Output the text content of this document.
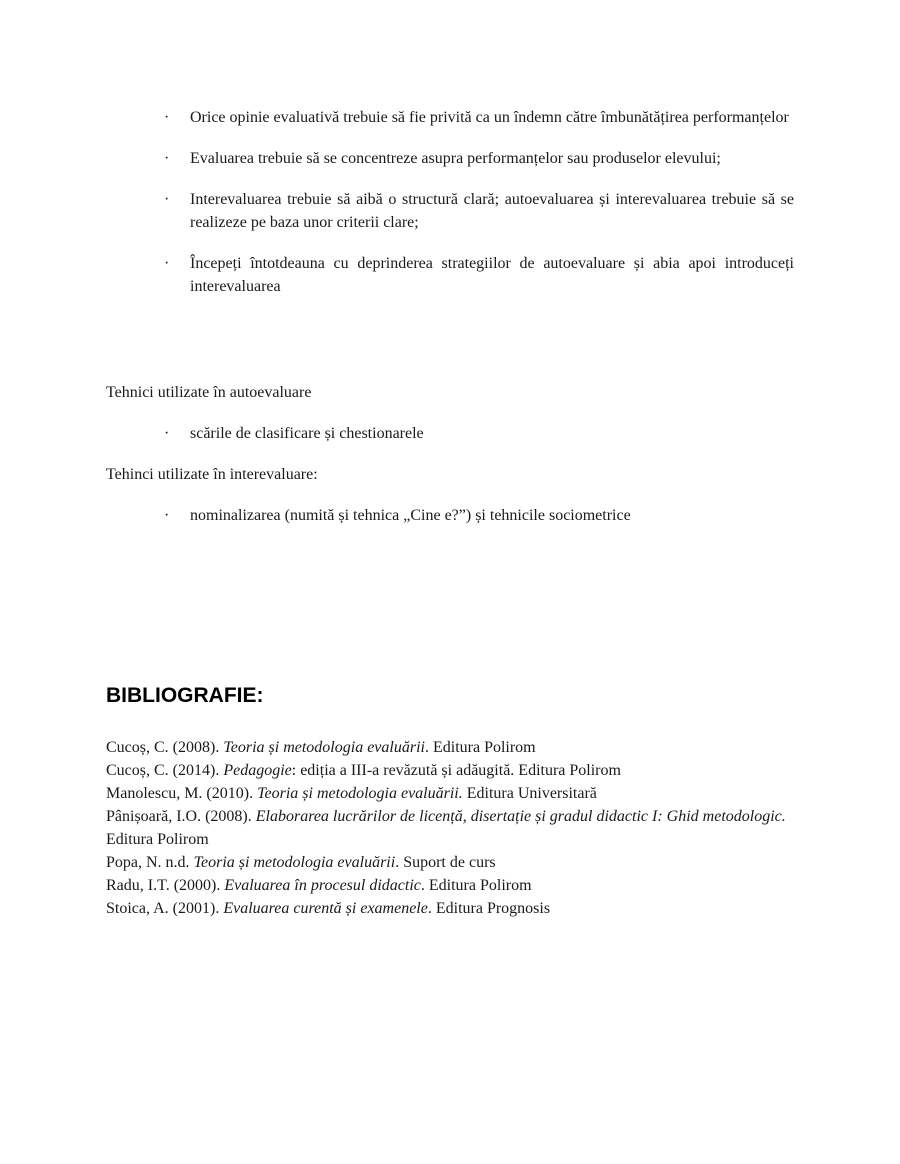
· Orice opinie evaluativă trebuie să fie privită ca un îndemn către îmbunătățirea performanțelor
· Evaluarea trebuie să se concentreze asupra performanțelor sau produselor elevului;
· Interevaluarea trebuie să aibă o structură clară; autoevaluarea și interevaluarea trebuie să se realizeze pe baza unor criterii clare;
· Începeți întotdeauna cu deprinderea strategiilor de autoevaluare și abia apoi introduceți interevaluarea

Tehnici utilizate în autoevaluare

· scările de clasificare și chestionarele

Tehinci utilizate în interevaluare:

· nominalizarea (numită și tehnica „Cine e?”) și tehnicile sociometrice
BIBLIOGRAFIE:
Cucoș, C. (2008). Teoria și metodologia evaluării. Editura Polirom
Cucoș, C. (2014). Pedagogie: ediția a III-a revăzută și adăugită. Editura Polirom
Manolescu, M. (2010). Teoria și metodologia evaluării. Editura Universitară
Pânișoară, I.O. (2008). Elaborarea lucrărilor de licență, disertație și gradul didactic I: Ghid metodologic. Editura Polirom
Popa, N. n.d. Teoria și metodologia evaluării. Suport de curs
Radu, I.T. (2000). Evaluarea în procesul didactic. Editura Polirom
Stoica, A. (2001). Evaluarea curentă și examenele. Editura Prognosis
